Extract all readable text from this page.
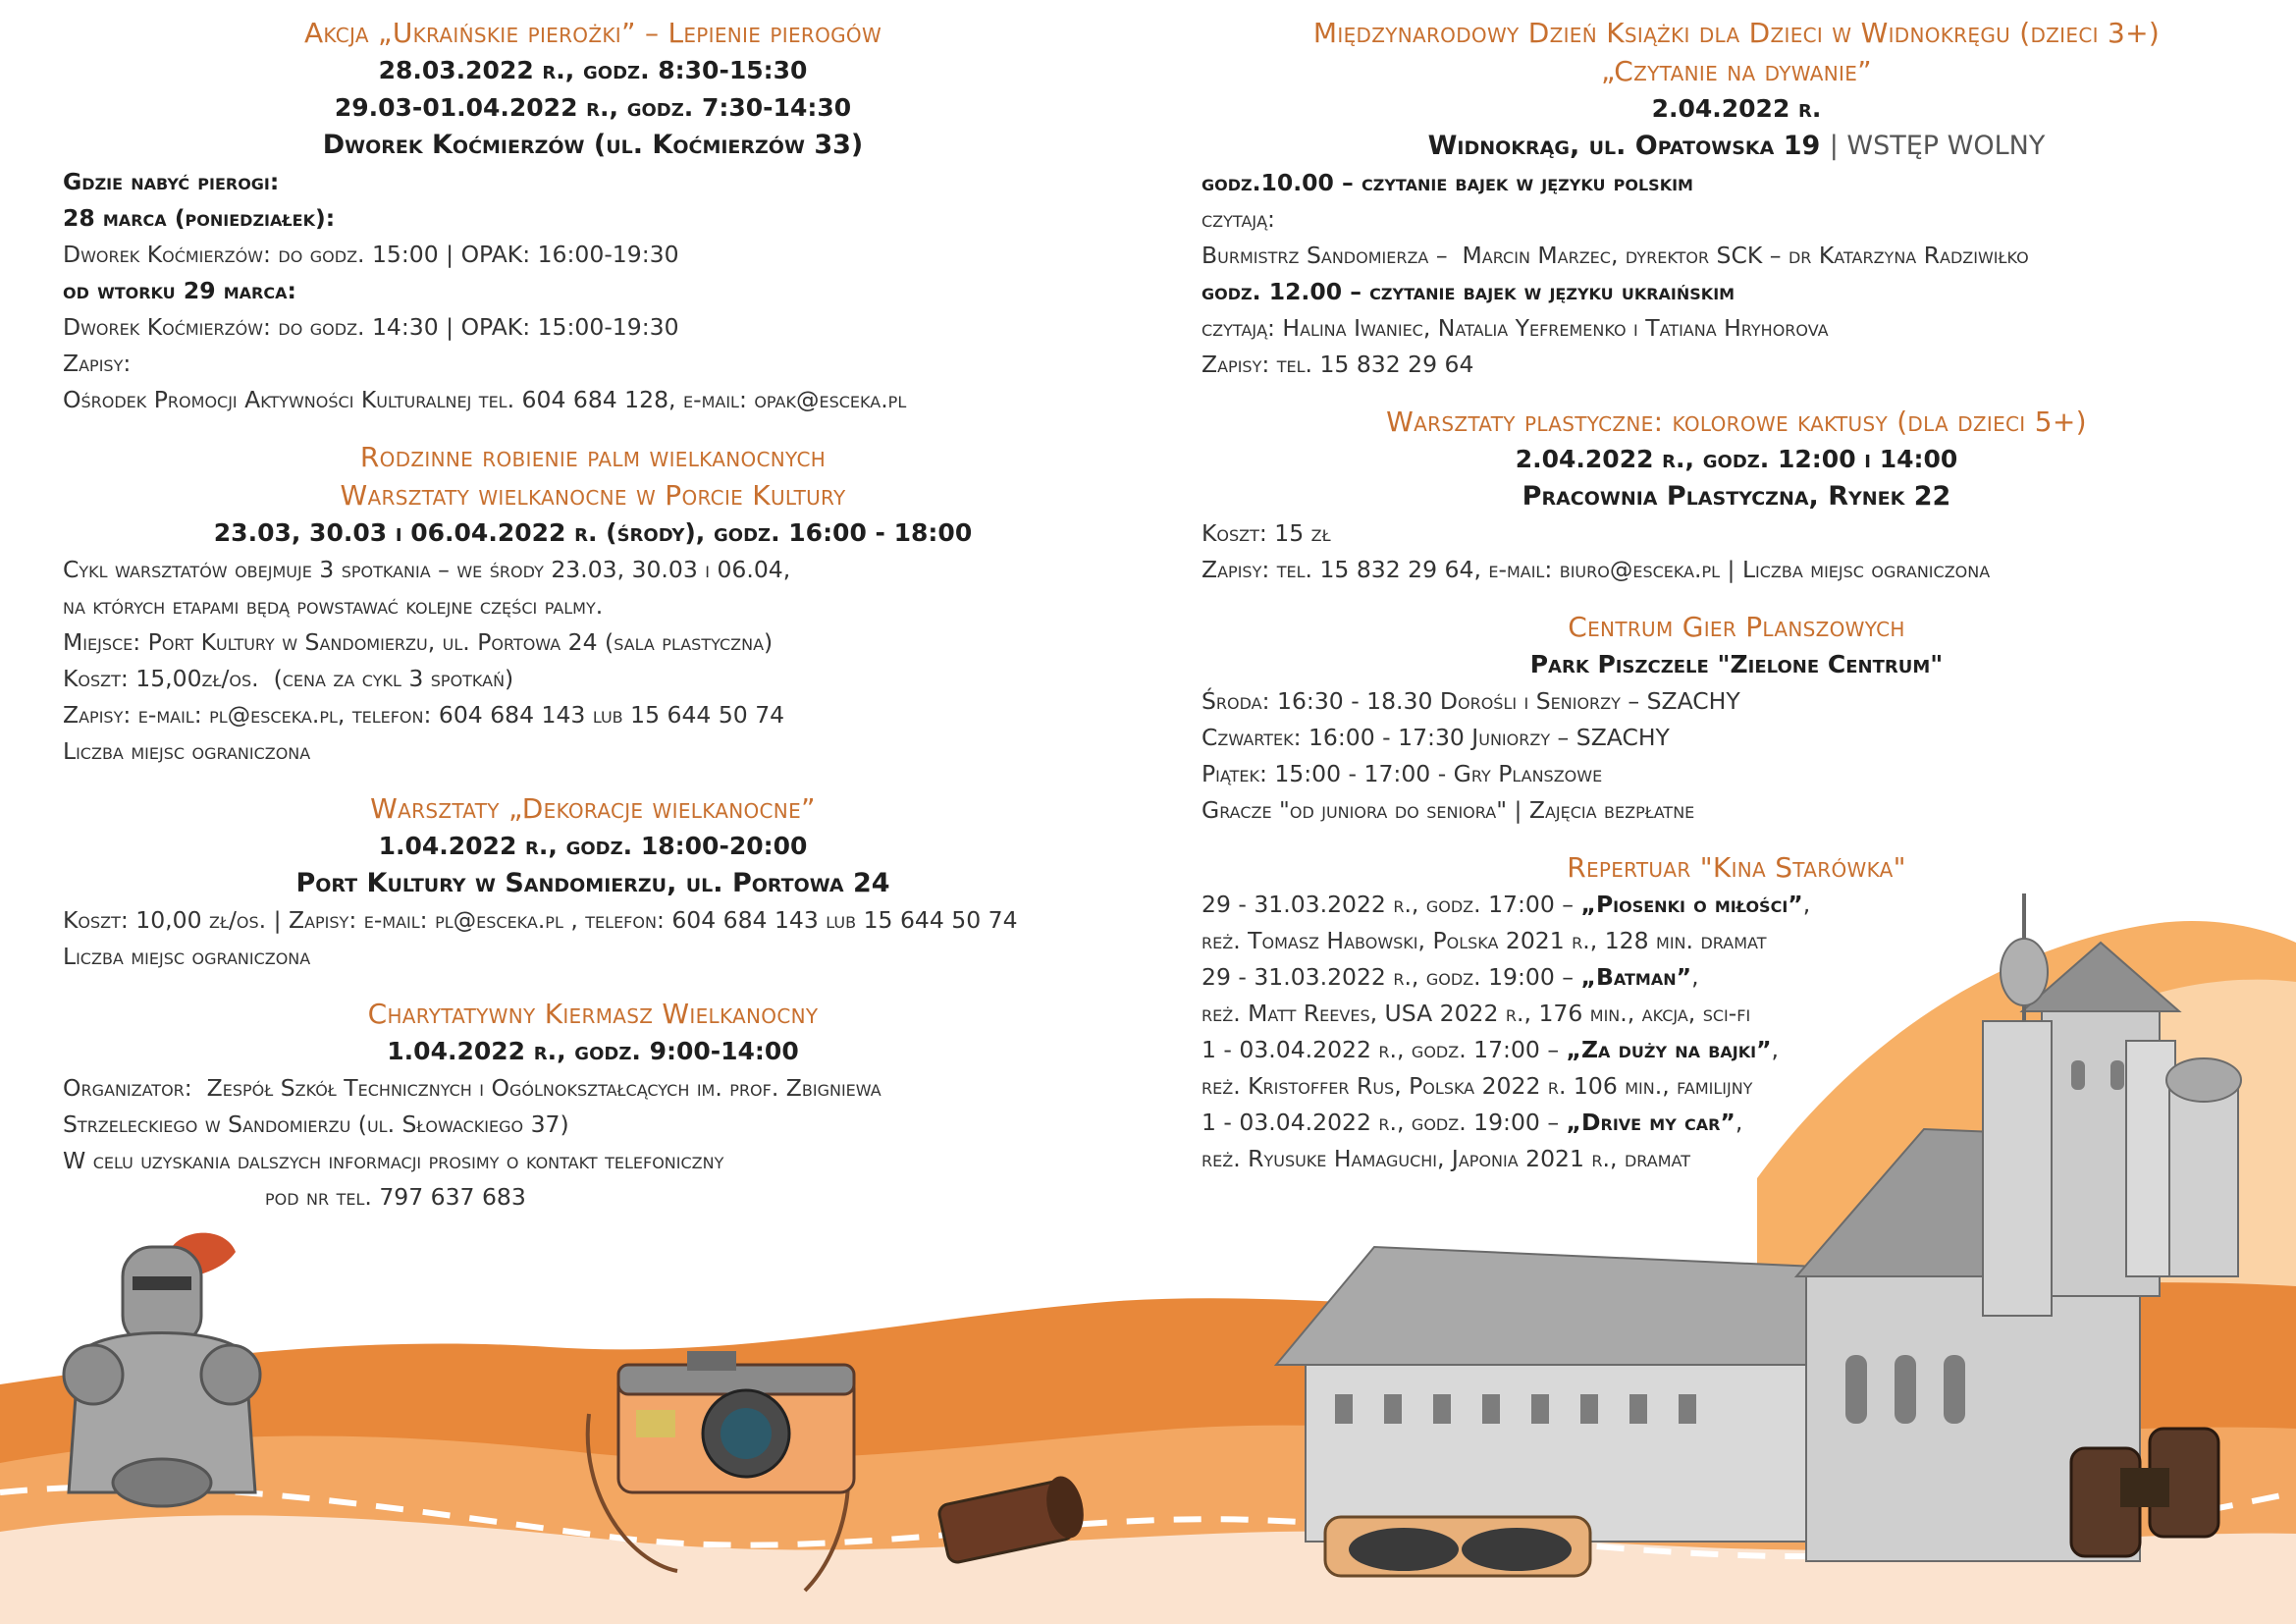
Akcja „Ukraińskie pierożki” – Lepienie pierogów
28.03.2022 r., godz. 8:30-15:30
29.03-01.04.2022 r., godz. 7:30-14:30
Dworek Koćmierzów (ul. Koćmierzów 33)
Gdzie nabyć pierogi:
28 marca (poniedziałek):
Dworek Koćmierzów: do godz. 15:00 | OPAK: 16:00-19:30
od wtorku 29 marca:
Dworek Koćmierzów: do godz. 14:30 | OPAK: 15:00-19:30
Zapisy:
Ośrodek Promocji Aktywności Kulturalnej tel. 604 684 128, e-mail: opak@esceka.pl
Rodzinne robienie palm wielkanocnych
Warsztaty wielkanocne w Porcie Kultury
23.03, 30.03 i 06.04.2022 r. (środy), godz. 16:00 - 18:00
Cykl warsztatów obejmuje 3 spotkania – we środy 23.03, 30.03 i 06.04,
na których etapami będą powstawać kolejne części palmy.
Miejsce: Port Kultury w Sandomierzu, ul. Portowa 24 (sala plastyczna)
Koszt: 15,00zł/os.  (cena za cykl 3 spotkań)
Zapisy: e-mail: pl@esceka.pl, telefon: 604 684 143 lub 15 644 50 74
Liczba miejsc ograniczona
Warsztaty „Dekoracje wielkanocne”
1.04.2022 r., godz. 18:00-20:00
Port Kultury w Sandomierzu, ul. Portowa 24
Koszt: 10,00 zł/os. | Zapisy: e-mail: pl@esceka.pl , telefon: 604 684 143 lub 15 644 50 74
Liczba miejsc ograniczona
Charytatywny Kiermasz Wielkanocny
1.04.2022 r., godz. 9:00-14:00
Organizator:  Zespół Szkół Technicznych i Ogólnokształcących im. prof. Zbigniewa
Strzeleckiego w Sandomierzu (ul. Słowackiego 37)
W celu uzyskania dalszych informacji prosimy o kontakt telefoniczny
pod nr tel. 797 637 683
Międzynarodowy Dzień Książki dla Dzieci w Widnokręgu (dzieci 3+)
„Czytanie na dywanie”
2.04.2022 r.
Widnokrąg, ul. Opatowska 19 | WSTĘP WOLNY
godz.10.00 – czytanie bajek w języku polskim
czytają:
Burmistrz Sandomierza –  Marcin Marzec, dyrektor SCK – dr Katarzyna Radziwiłko
godz. 12.00 – czytanie bajek w języku ukraińskim
czytają: Halina Iwaniec, Natalia Yefremenko i Tatiana Hryhorova
Zapisy: tel. 15 832 29 64
Warsztaty plastyczne: kolorowe kaktusy (dla dzieci 5+)
2.04.2022 r., godz. 12:00 i 14:00
Pracownia Plastyczna, Rynek 22
Koszt: 15 zł
Zapisy: tel. 15 832 29 64, e-mail: biuro@esceka.pl | Liczba miejsc ograniczona
Centrum Gier Planszowych
Park Piszczele "Zielone Centrum"
Środa: 16:30 - 18.30 Dorośli i Seniorzy – SZACHY
Czwartek: 16:00 - 17:30 Juniorzy – SZACHY
Piątek: 15:00 - 17:00 - Gry Planszowe
Gracze "od juniora do seniora" | Zajęcia bezpłatne
Repertuar "Kina Starówka"
29 - 31.03.2022 r., godz. 17:00 – „Piosenki o miłości”,
reż. Tomasz Habowski, Polska 2021 r., 128 min. dramat
29 - 31.03.2022 r., godz. 19:00 – „Batman”,
reż. Matt Reeves, USA 2022 r., 176 min., akcja, sci-fi
1 - 03.04.2022 r., godz. 17:00 – „Za duży na bajki”,
reż. Kristoffer Rus, Polska 2022 r. 106 min., familijny
1 - 03.04.2022 r., godz. 19:00 – „Drive my car”,
reż. Ryusuke Hamaguchi, Japonia 2021 r., dramat
